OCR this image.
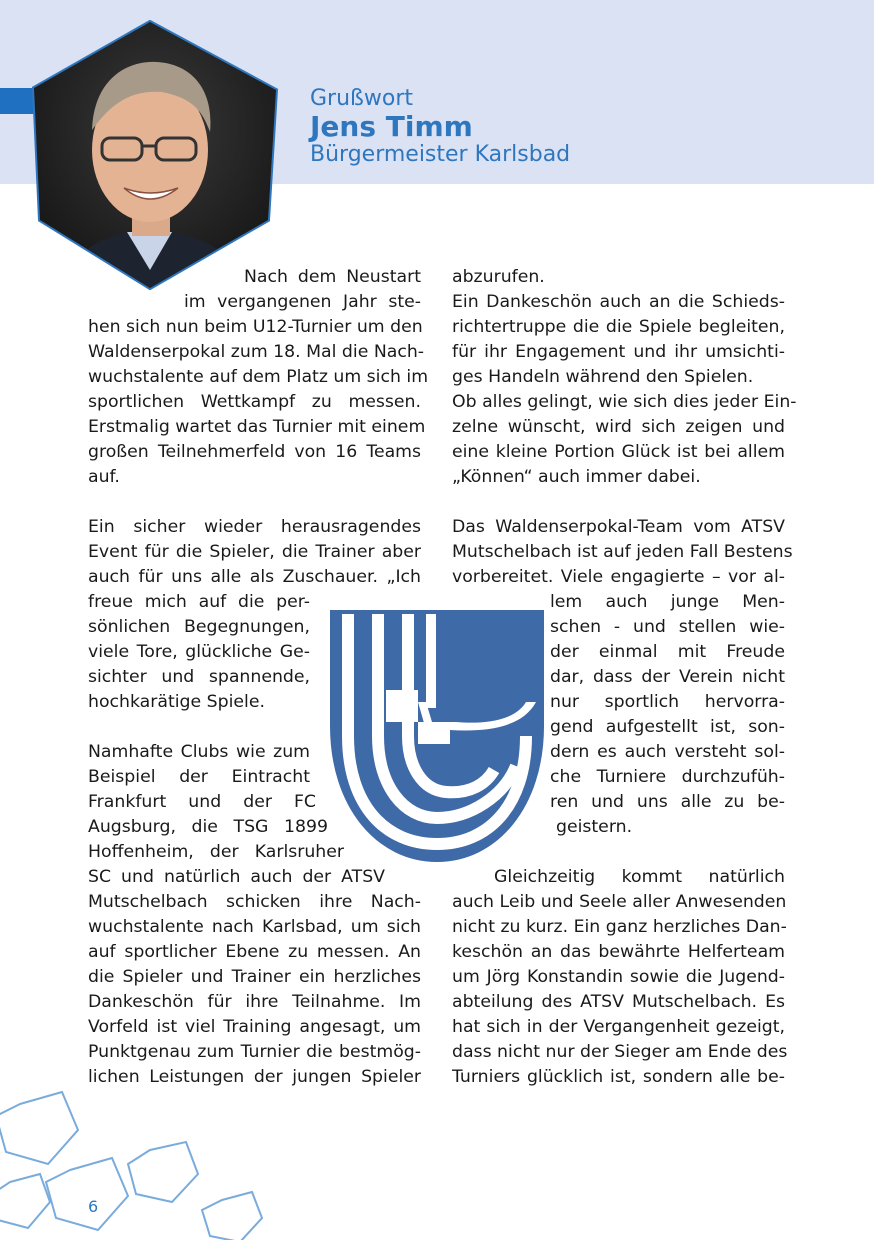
Grußwort
Jens Timm
Bürgermeister Karlsbad
Nach dem Neustart
im vergangenen Jahr ste-
hen sich nun beim U12-Turnier um den
Waldenserpokal zum 18. Mal die Nach-
wuchstalente auf dem Platz um sich im
sportlichen Wettkampf zu messen.
Erstmalig wartet das Turnier mit einem
großen Teilnehmerfeld von 16 Teams
auf.
Ein sicher wieder herausragendes
Event für die Spieler, die Trainer aber
auch für uns alle als Zuschauer. „Ich
freue mich auf die per-
sönlichen Begegnungen,
viele Tore, glückliche Ge-
sichter und spannende,
hochkarätige Spiele.
Namhafte Clubs wie zum
Beispiel der Eintracht
Frankfurt und der FC
Augsburg, die TSG 1899
Hoffenheim, der Karlsruher
SC und natürlich auch der ATSV
Mutschelbach schicken ihre Nach-
wuchstalente nach Karlsbad, um sich
auf sportlicher Ebene zu messen. An
die Spieler und Trainer ein herzliches
Dankeschön für ihre Teilnahme. Im
Vorfeld ist viel Training angesagt, um
Punktgenau zum Turnier die bestmög-
lichen Leistungen der jungen Spieler
abzurufen.
Ein Dankeschön auch an die Schieds-
richtertruppe die die Spiele begleiten,
für ihr Engagement und ihr umsichti-
ges Handeln während den Spielen.
Ob alles gelingt, wie sich dies jeder Ein-
zelne wünscht, wird sich zeigen und
eine kleine Portion Glück ist bei allem
„Können“ auch immer dabei.
Das Waldenserpokal-Team vom ATSV
Mutschelbach ist auf jeden Fall Bestens
vorbereitet. Viele engagierte – vor al-
lem auch junge Men-
schen - und stellen wie-
der einmal mit Freude
dar, dass der Verein nicht
nur sportlich hervorra-
gend aufgestellt ist, son-
dern es auch versteht sol-
che Turniere durchzufüh-
ren und uns alle zu be-
geistern.
Gleichzeitig kommt natürlich
auch Leib und Seele aller Anwesenden
nicht zu kurz. Ein ganz herzliches Dan-
keschön an das bewährte Helferteam
um Jörg Konstandin sowie die Jugend-
abteilung des ATSV Mutschelbach. Es
hat sich in der Vergangenheit gezeigt,
dass nicht nur der Sieger am Ende des
Turniers glücklich ist, sondern alle be-
6
